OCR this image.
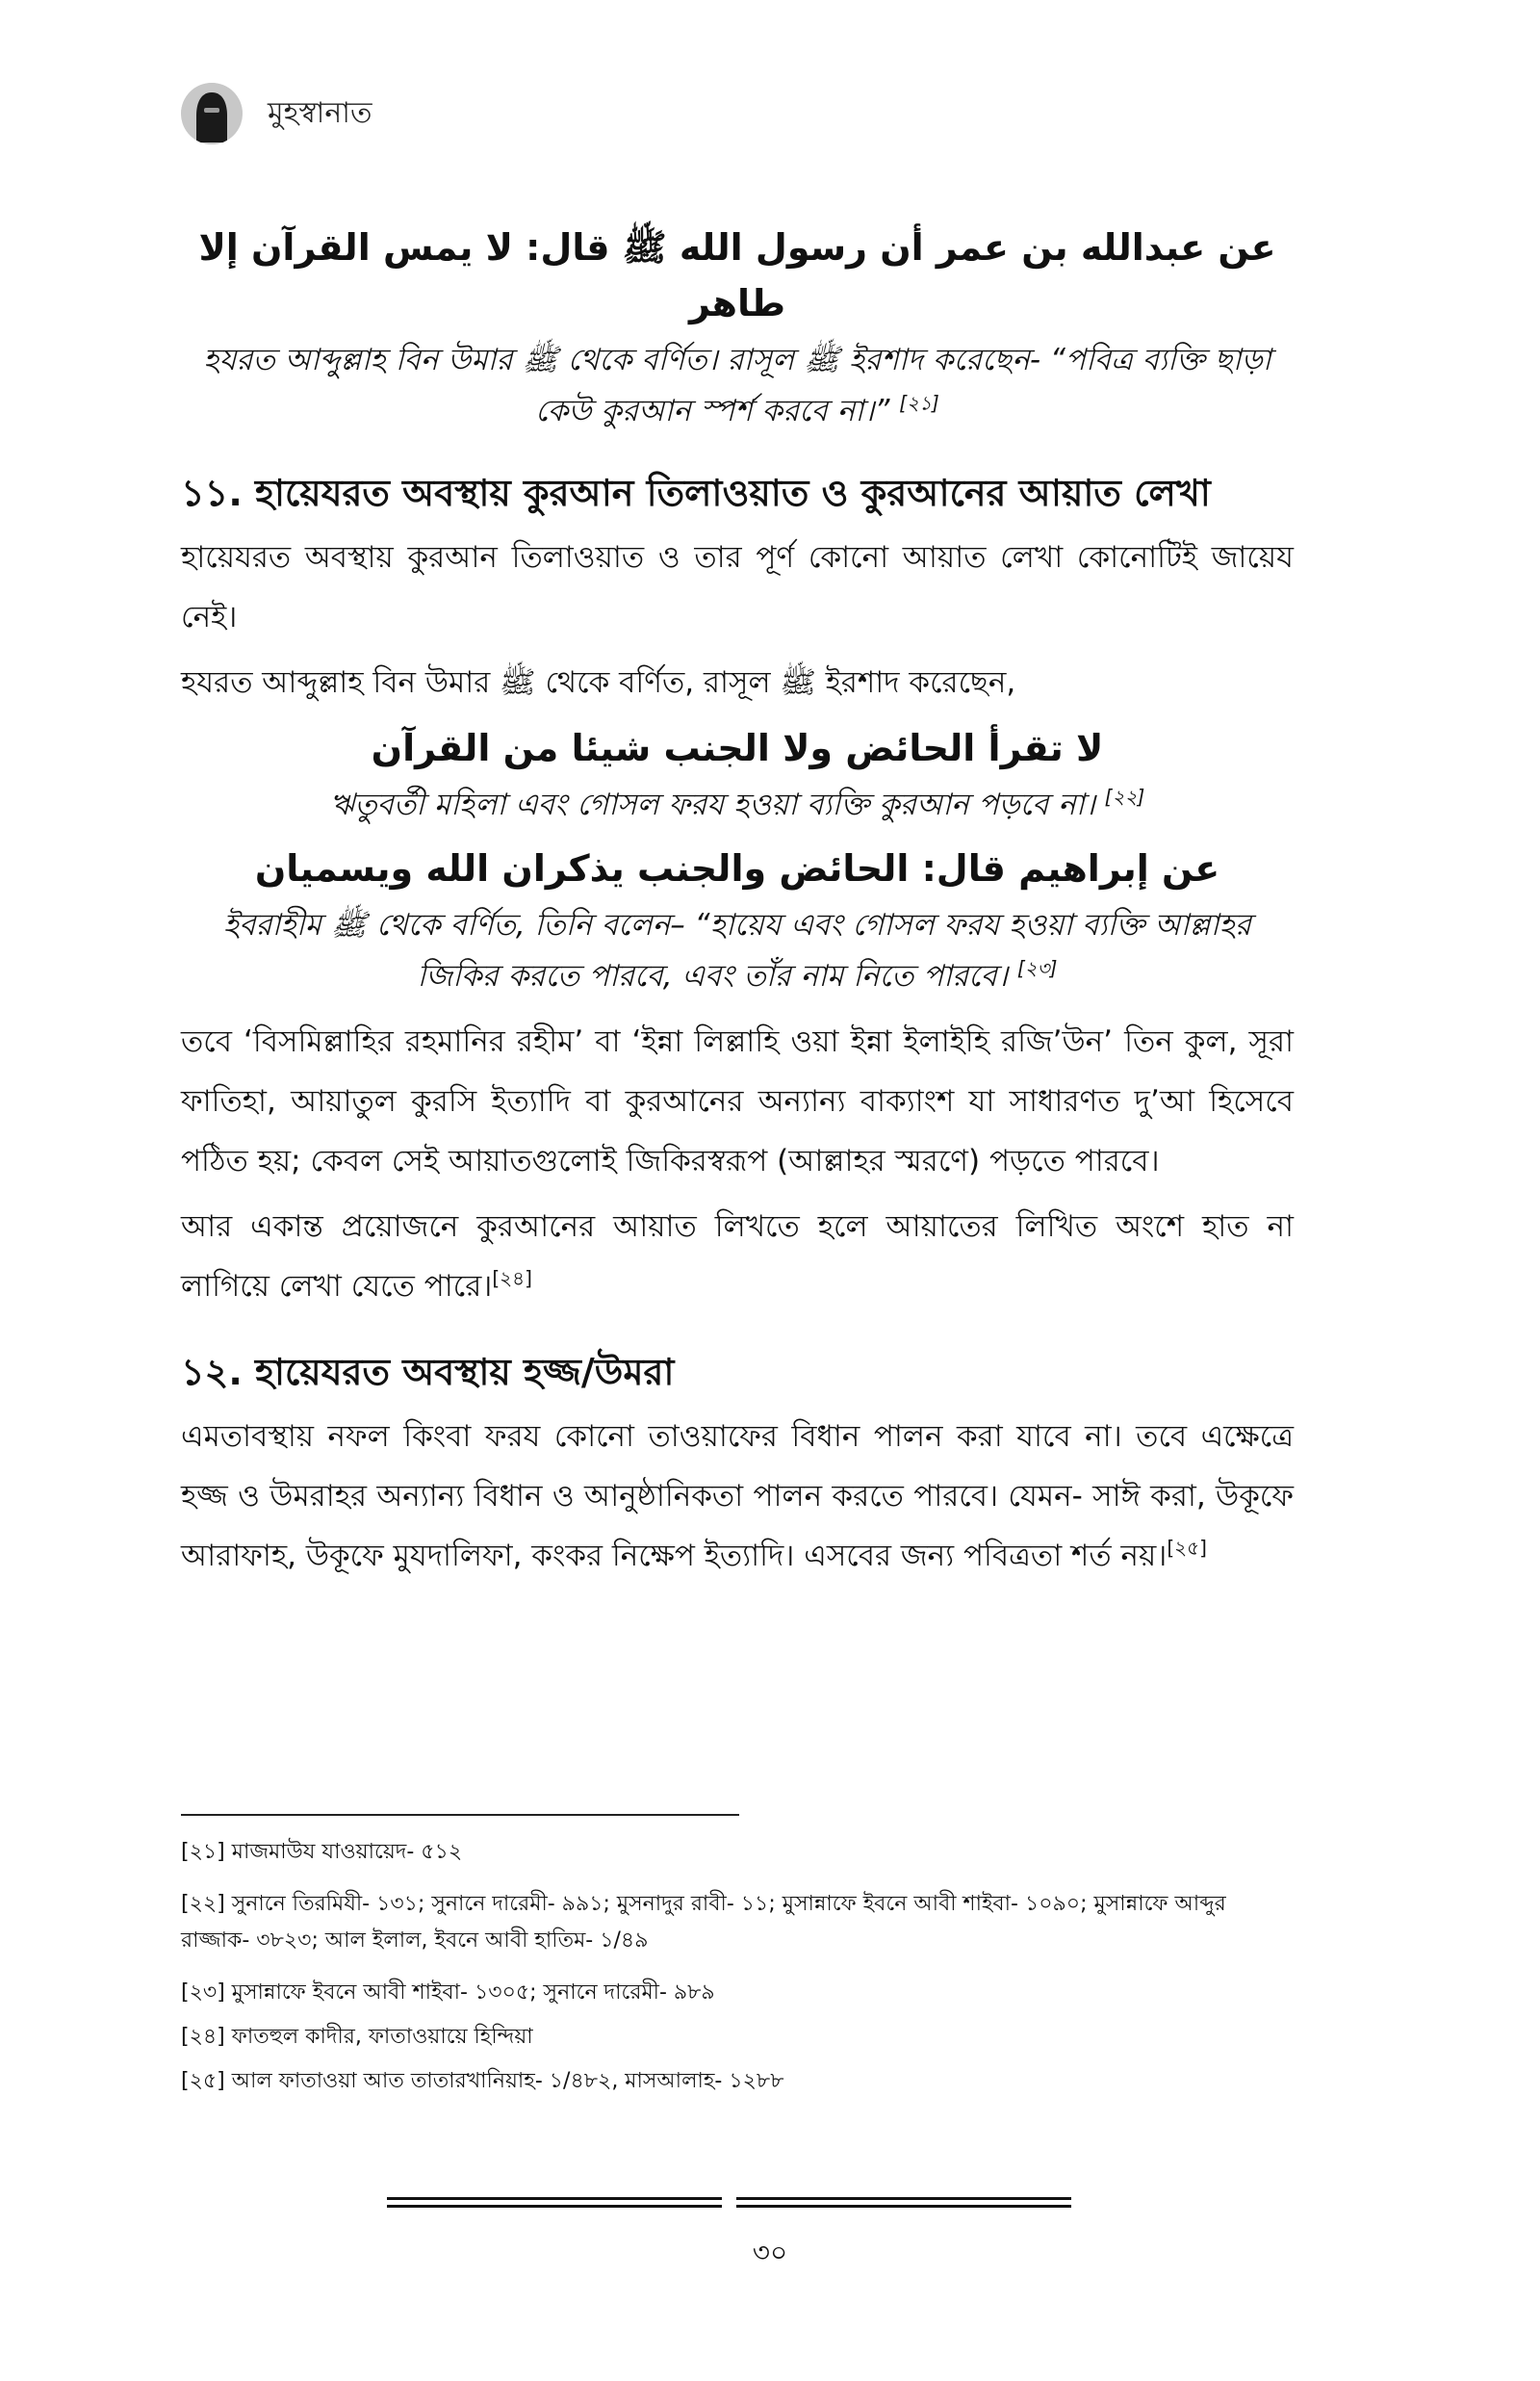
মুহস্বানাত
عن عبدالله بن عمر أن رسول الله ﷺ قال: لا يمس القرآن إلا طاهر
হযরত আব্দুল্লাহ বিন উমার ﷺ থেকে বর্ণিত। রাসূল ﷺ ইরশাদ করেছেন- “পবিত্র ব্যক্তি ছাড়া কেউ কুরআন স্পর্শ করবে না।” [২১]
১১. হায়েযরত অবস্থায় কুরআন তিলাওয়াত ও কুরআনের আয়াত লেখা

হায়েযরত অবস্থায় কুরআন তিলাওয়াত ও তার পূর্ণ কোনো আয়াত লেখা কোনোটিই জায়েয নেই।

হযরত আব্দুল্লাহ বিন উমার ﷺ থেকে বর্ণিত, রাসূল ﷺ ইরশাদ করেছেন,

لا تقرأ الحائض ولا الجنب شيئا من القرآن
ঋতুবর্তী মহিলা এবং গোসল ফরয হওয়া ব্যক্তি কুরআন পড়বে না। [২২]
عن إبراهيم قال: الحائض والجنب يذكران الله ويسميان
ইবরাহীম ﷺ থেকে বর্ণিত, তিনি বলেন– “হায়েয এবং গোসল ফরয হওয়া ব্যক্তি আল্লাহর জিকির করতে পারবে, এবং তাঁর নাম নিতে পারবে। [২৩]

তবে ‘বিসমিল্লাহির রহমানির রহীম’ বা ‘ইন্না লিল্লাহি ওয়া ইন্না ইলাইহি রজি’উন’ তিন কুল, সূরা ফাতিহা, আয়াতুল কুরসি ইত্যাদি বা কুরআনের অন্যান্য বাক্যাংশ যা সাধারণত দু’আ হিসেবে পঠিত হয়; কেবল সেই আয়াতগুলোই জিকিরস্বরূপ (আল্লাহর স্মরণে) পড়তে পারবে।

আর একান্ত প্রয়োজনে কুরআনের আয়াত লিখতে হলে আয়াতের লিখিত অংশে হাত না লাগিয়ে লেখা যেতে পারে।[২৪]

১২. হায়েযরত অবস্থায় হজ্জ/উমরা

এমতাবস্থায় নফল কিংবা ফরয কোনো তাওয়াফের বিধান পালন করা যাবে না। তবে এক্ষেত্রে হজ্জ ও উমরাহর অন্যান্য বিধান ও আনুষ্ঠানিকতা পালন করতে পারবে। যেমন- সাঈ করা, উকূফে আরাফাহ, উকূফে মুযদালিফা, কংকর নিক্ষেপ ইত্যাদি। এসবের জন্য পবিত্রতা শর্ত নয়।[২৫]

[২১] মাজমাউয যাওয়ায়েদ- ৫১২

[২২] সুনানে তিরমিযী- ১৩১; সুনানে দারেমী- ৯৯১; মুসনাদুর রাবী- ১১; মুসান্নাফে ইবনে আবী শাইবা- ১০৯০; মুসান্নাফে আব্দুর রাজ্জাক- ৩৮২৩; আল ইলাল, ইবনে আবী হাতিম- ১/৪৯

[২৩] মুসান্নাফে ইবনে আবী শাইবা- ১৩০৫; সুনানে দারেমী- ৯৮৯

[২৪] ফাতহুল কাদীর, ফাতাওয়ায়ে হিন্দিয়া

[২৫] আল ফাতাওয়া আত তাতারখানিয়াহ- ১/৪৮২, মাসআলাহ- ১২৮৮

৩০
